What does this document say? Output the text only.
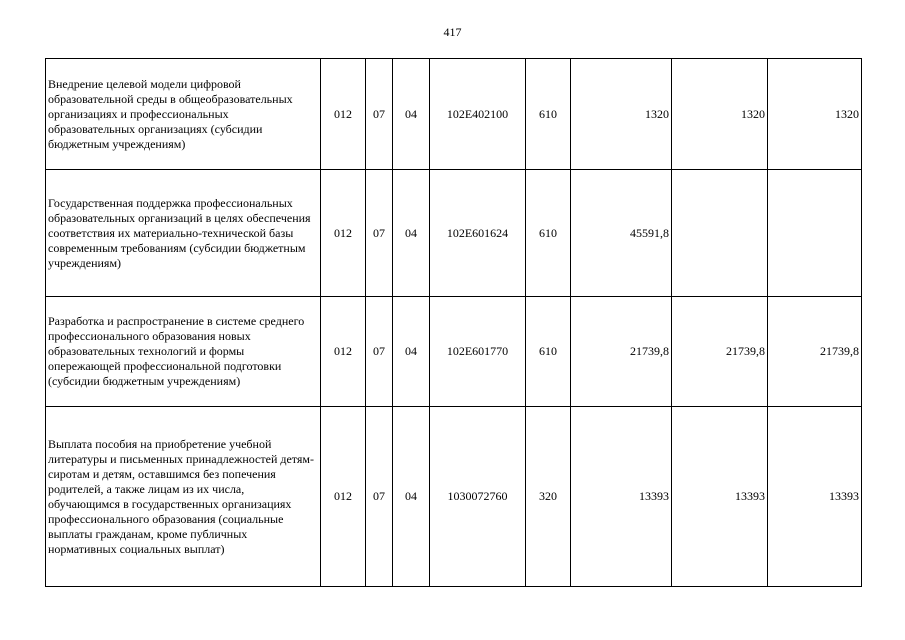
417
Внедрение целевой модели цифровой образовательной среды в общеобразовательных организациях и профессиональных образовательных организациях (субсидии бюджетным учреждениям)	012	07	04	102E402100	610	1320	1320	1320
Государственная поддержка профессиональных образовательных организаций в целях обеспечения соответствия их материально-технической базы современным требованиям (субсидии бюджетным учреждениям)	012	07	04	102E601624	610	45591,8		
Разработка и распространение в системе среднего профессионального образования новых образовательных технологий и формы опережающей профессиональной подготовки (субсидии бюджетным учреждениям)	012	07	04	102E601770	610	21739,8	21739,8	21739,8
Выплата пособия на приобретение учебной литературы и письменных принадлежностей детям-сиротам и детям, оставшимся без попечения родителей, а также лицам из их числа, обучающимся в государственных организациях профессионального образования (социальные выплаты гражданам, кроме публичных нормативных социальных выплат)	012	07	04	1030072760	320	13393	13393	13393
